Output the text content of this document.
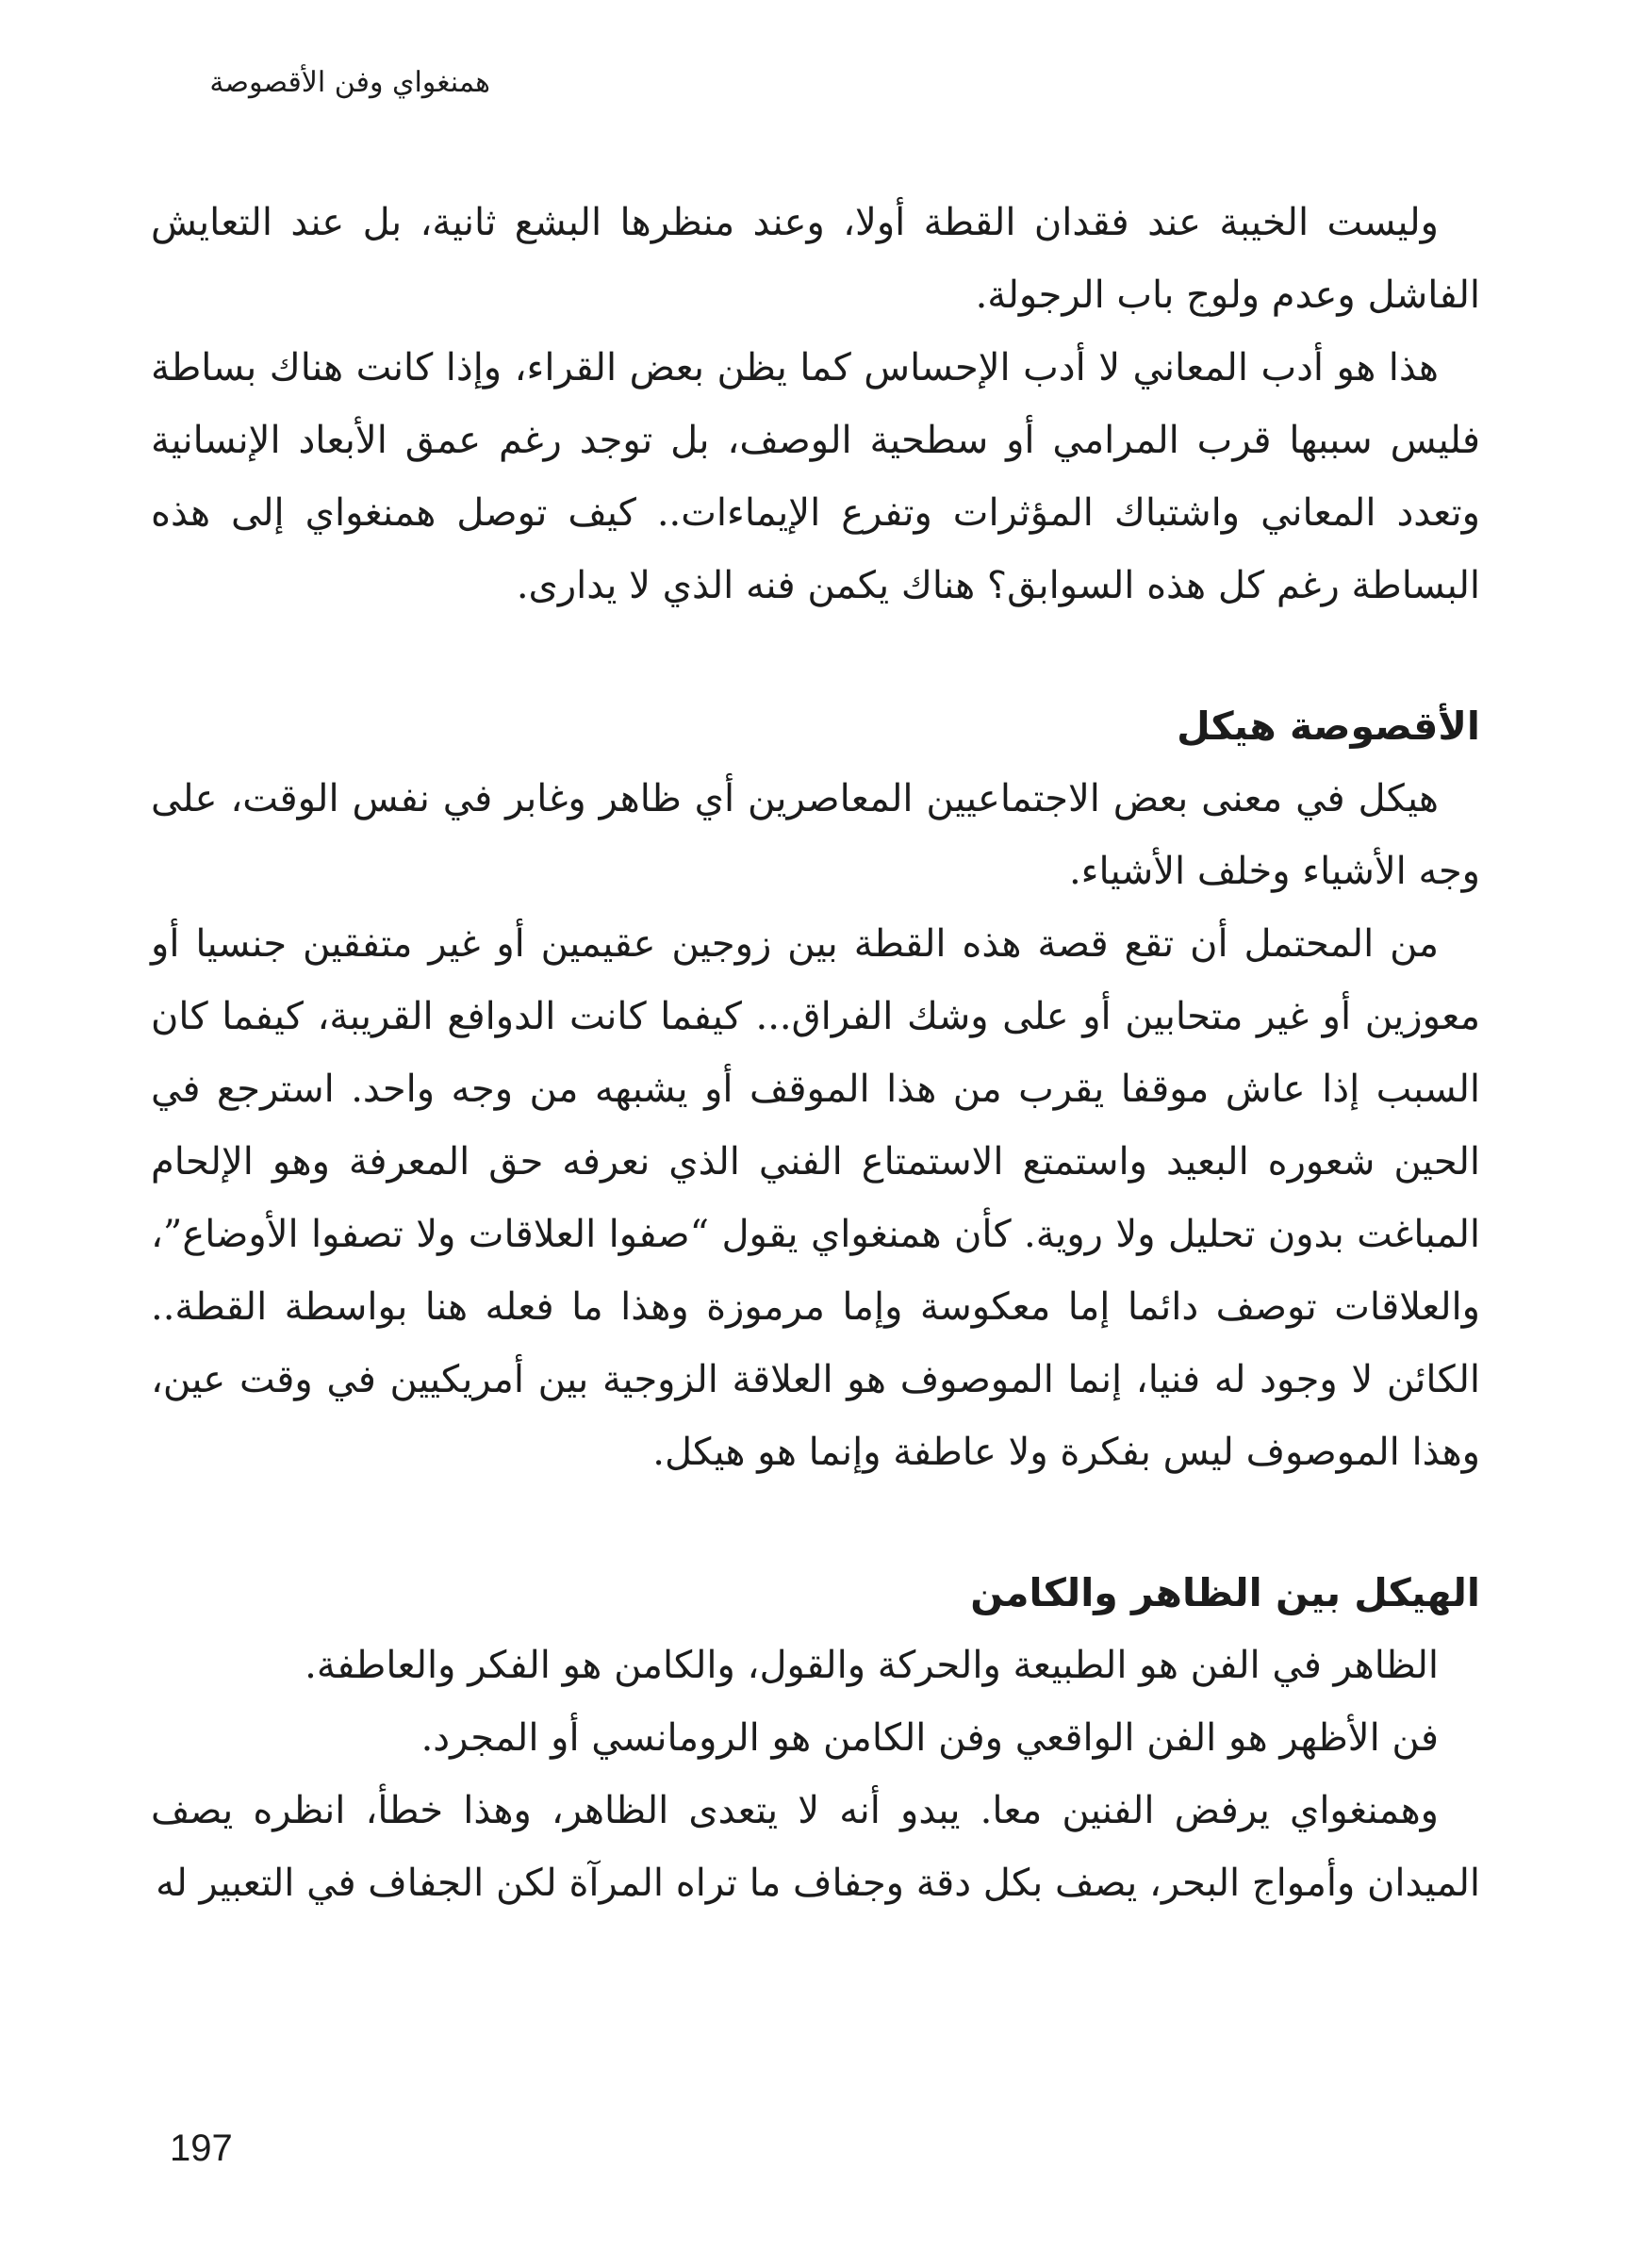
همنغواي وفن الأقصوصة

وليست الخيبة عند فقدان القطة أولا، وعند منظرها البشع ثانية، بل عند التعايش الفاشل وعدم ولوج باب الرجولة.

هذا هو أدب المعاني لا أدب الإحساس كما يظن بعض القراء، وإذا كانت هناك بساطة فليس سببها قرب المرامي أو سطحية الوصف، بل توجد رغم عمق الأبعاد الإنسانية وتعدد المعاني واشتباك المؤثرات وتفرع الإيماءات.. كيف توصل همنغواي إلى هذه البساطة رغم كل هذه السوابق؟ هناك يكمن فنه الذي لا يدارى.

الأقصوصة هيكل

هيكل في معنى بعض الاجتماعيين المعاصرين أي ظاهر وغابر في نفس الوقت، على وجه الأشياء وخلف الأشياء.

من المحتمل أن تقع قصة هذه القطة بين زوجين عقيمين أو غير متفقين جنسيا أو معوزين أو غير متحابين أو على وشك الفراق... كيفما كانت الدوافع القريبة، كيفما كان السبب إذا عاش موقفا يقرب من هذا الموقف أو يشبهه من وجه واحد. استرجع في الحين شعوره البعيد واستمتع الاستمتاع الفني الذي نعرفه حق المعرفة وهو الإلحام المباغت بدون تحليل ولا روية. كأن همنغواي يقول “صفوا العلاقات ولا تصفوا الأوضاع”، والعلاقات توصف دائما إما معكوسة وإما مرموزة وهذا ما فعله هنا بواسطة القطة.. الكائن لا وجود له فنيا، إنما الموصوف هو العلاقة الزوجية بين أمريكيين في وقت عين، وهذا الموصوف ليس بفكرة ولا عاطفة وإنما هو هيكل.

الهيكل بين الظاهر والكامن

الظاهر في الفن هو الطبيعة والحركة والقول، والكامن هو الفكر والعاطفة.

فن الأظهر هو الفن الواقعي وفن الكامن هو الرومانسي أو المجرد.

وهمنغواي يرفض الفنين معا. يبدو أنه لا يتعدى الظاهر، وهذا خطأ، انظره يصف الميدان وأمواج البحر، يصف بكل دقة وجفاف ما تراه المرآة لكن الجفاف في التعبير له

197
